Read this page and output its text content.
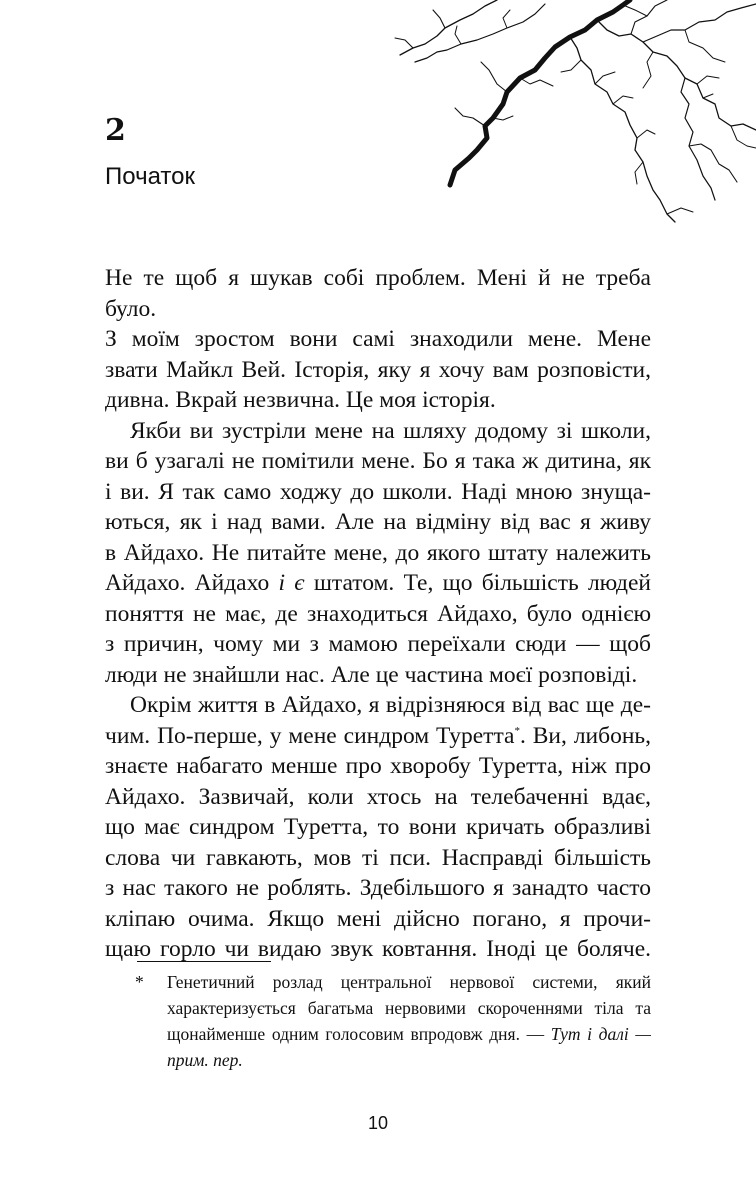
2
Початок

Не те щоб я шукав собі проблем. Мені й не треба було.

З моїм зростом вони самі знаходили мене. Мене

звати Майкл Вей. Історія, яку я хочу вам розповісти,

дивна. Вкрай незвична. Це моя історія.

Якби ви зустріли мене на шляху додому зі школи,

ви б узагалі не помітили мене. Бо я така ж дитина, як

і ви. Я так само ходжу до школи. Наді мною знуща-

ються, як і над вами. Але на відміну від вас я живу

в Айдахо. Не питайте мене, до якого штату належить

Айдахо. Айдахо і є штатом. Те, що більшість людей

поняття не має, де знаходиться Айдахо, було однією

з причин, чому ми з мамою переїхали сюди — щоб

люди не знайшли нас. Але це частина моєї розповіді.

Окрім життя в Айдахо, я відрізняюся від вас ще де-

чим. По-перше, у мене синдром Туретта*. Ви, либонь,

знаєте набагато менше про хворобу Туретта, ніж про

Айдахо. Зазвичай, коли хтось на телебаченні вдає,

що має синдром Туретта, то вони кричать образливі

слова чи гавкають, мов ті пси. Насправді більшість

з нас такого не роблять. Здебільшого я занадто часто

кліпаю очима. Якщо мені дійсно погано, я прочи-

щаю горло чи видаю звук ковтання. Іноді це боляче.

* Генетичний розлад центральної нервової системи, який характеризується багатьма нервовими скороченнями тіла та щонайменше одним голосовим впродовж дня. — Тут і далі — прим. пер.
10
